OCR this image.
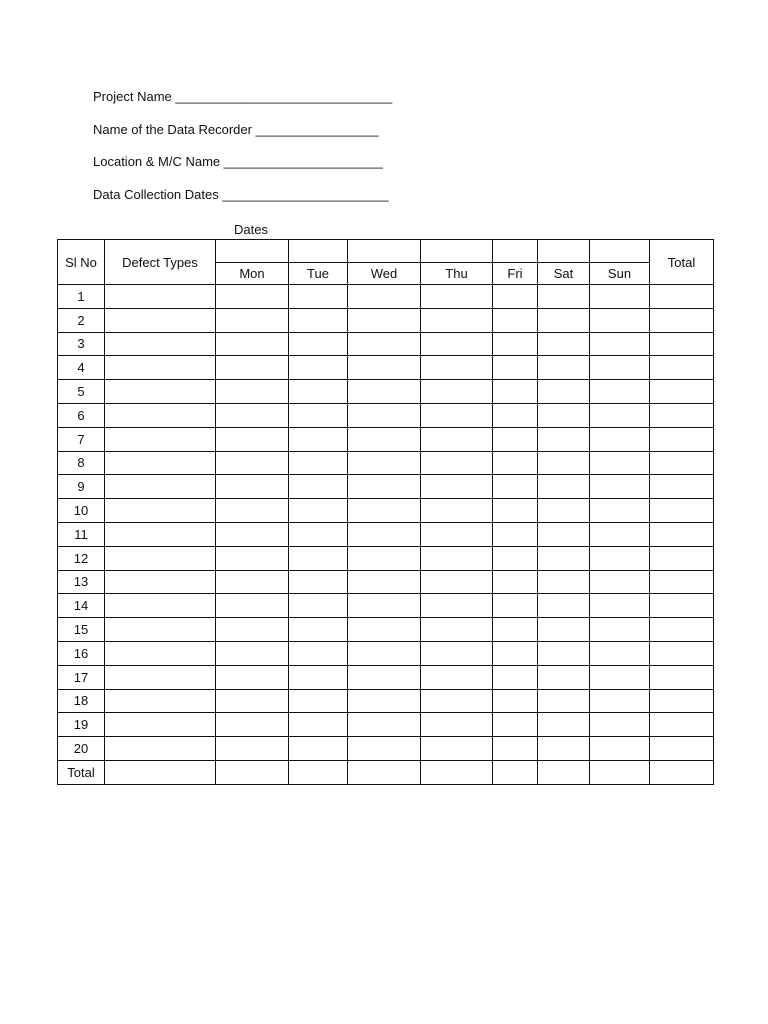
Project Name ______________________________
Name of the Data Recorder _________________
Location & M/C Name ______________________
Data Collection Dates _______________________
Dates
Sl No	Defect Types								Total
		Mon	Tue	Wed	Thu	Fri	Sat	Sun	
1									
2									
3									
4									
5									
6									
7									
8									
9									
10									
11									
12									
13									
14									
15									
16									
17									
18									
19									
20									
Total									
